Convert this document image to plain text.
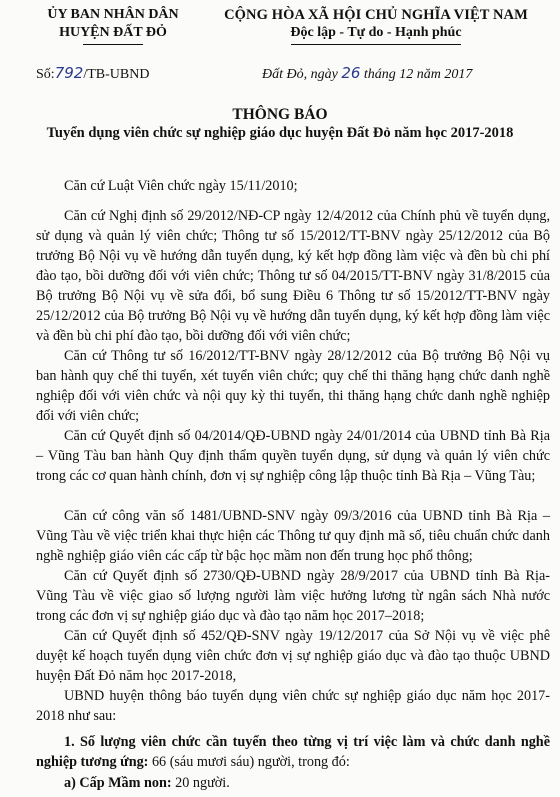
ỦY BAN NHÂN DÂN
HUYỆN ĐẤT ĐỎ
CỘNG HÒA XÃ HỘI CHỦ NGHĨA VIỆT NAM
Độc lập - Tự do - Hạnh phúc
Số:792/TB-UBND	Đất Đỏ, ngày 26 tháng 12 năm 2017
THÔNG BÁO
Tuyển dụng viên chức sự nghiệp giáo dục huyện Đất Đỏ năm học 2017-2018
Căn cứ Luật Viên chức ngày 15/11/2010;
Căn cứ Nghị định số 29/2012/NĐ-CP ngày 12/4/2012 của Chính phủ về tuyển dụng, sử dụng và quản lý viên chức; Thông tư số 15/2012/TT-BNV ngày 25/12/2012 của Bộ trưởng Bộ Nội vụ về hướng dẫn tuyển dụng, ký kết hợp đồng làm việc và đền bù chi phí đào tạo, bồi dưỡng đối với viên chức; Thông tư số 04/2015/TT-BNV ngày 31/8/2015 của Bộ trưởng Bộ Nội vụ về sửa đổi, bổ sung Điều 6 Thông tư số 15/2012/TT-BNV ngày 25/12/2012 của Bộ trưởng Bộ Nội vụ về hướng dẫn tuyển dụng, ký kết hợp đồng làm việc và đền bù chi phí đào tạo, bồi dưỡng đối với viên chức;
Căn cứ Thông tư số 16/2012/TT-BNV ngày 28/12/2012 của Bộ trưởng Bộ Nội vụ ban hành quy chế thi tuyển, xét tuyển viên chức; quy chế thi thăng hạng chức danh nghề nghiệp đối với viên chức và nội quy kỳ thi tuyển, thi thăng hạng chức danh nghề nghiệp đối với viên chức;
Căn cứ Quyết định số 04/2014/QĐ-UBND ngày 24/01/2014 của UBND tỉnh Bà Rịa – Vũng Tàu ban hành Quy định thẩm quyền tuyển dụng, sử dụng và quản lý viên chức trong các cơ quan hành chính, đơn vị sự nghiệp công lập thuộc tỉnh Bà Rịa – Vũng Tàu;
Căn cứ công văn số 1481/UBND-SNV ngày 09/3/2016 của UBND tỉnh Bà Rịa – Vũng Tàu về việc triển khai thực hiện các Thông tư quy định mã số, tiêu chuẩn chức danh nghề nghiệp giáo viên các cấp từ bậc học mầm non đến trung học phổ thông;
Căn cứ Quyết định số 2730/QĐ-UBND ngày 28/9/2017 của UBND tỉnh Bà Rịa-Vũng Tàu về việc giao số lượng người làm việc hưởng lương từ ngân sách Nhà nước trong các đơn vị sự nghiệp giáo dục và đào tạo năm học 2017–2018;
Căn cứ Quyết định số 452/QĐ-SNV ngày 19/12/2017 của Sở Nội vụ về việc phê duyệt kế hoạch tuyển dụng viên chức đơn vị sự nghiệp giáo dục và đào tạo thuộc UBND huyện Đất Đỏ năm học 2017-2018,
UBND huyện thông báo tuyển dụng viên chức sự nghiệp giáo dục năm học 2017-2018 như sau:
1. Số lượng viên chức cần tuyển theo từng vị trí việc làm và chức danh nghề nghiệp tương ứng: 66 (sáu mươi sáu) người, trong đó:
a) Cấp Mầm non: 20 người.
